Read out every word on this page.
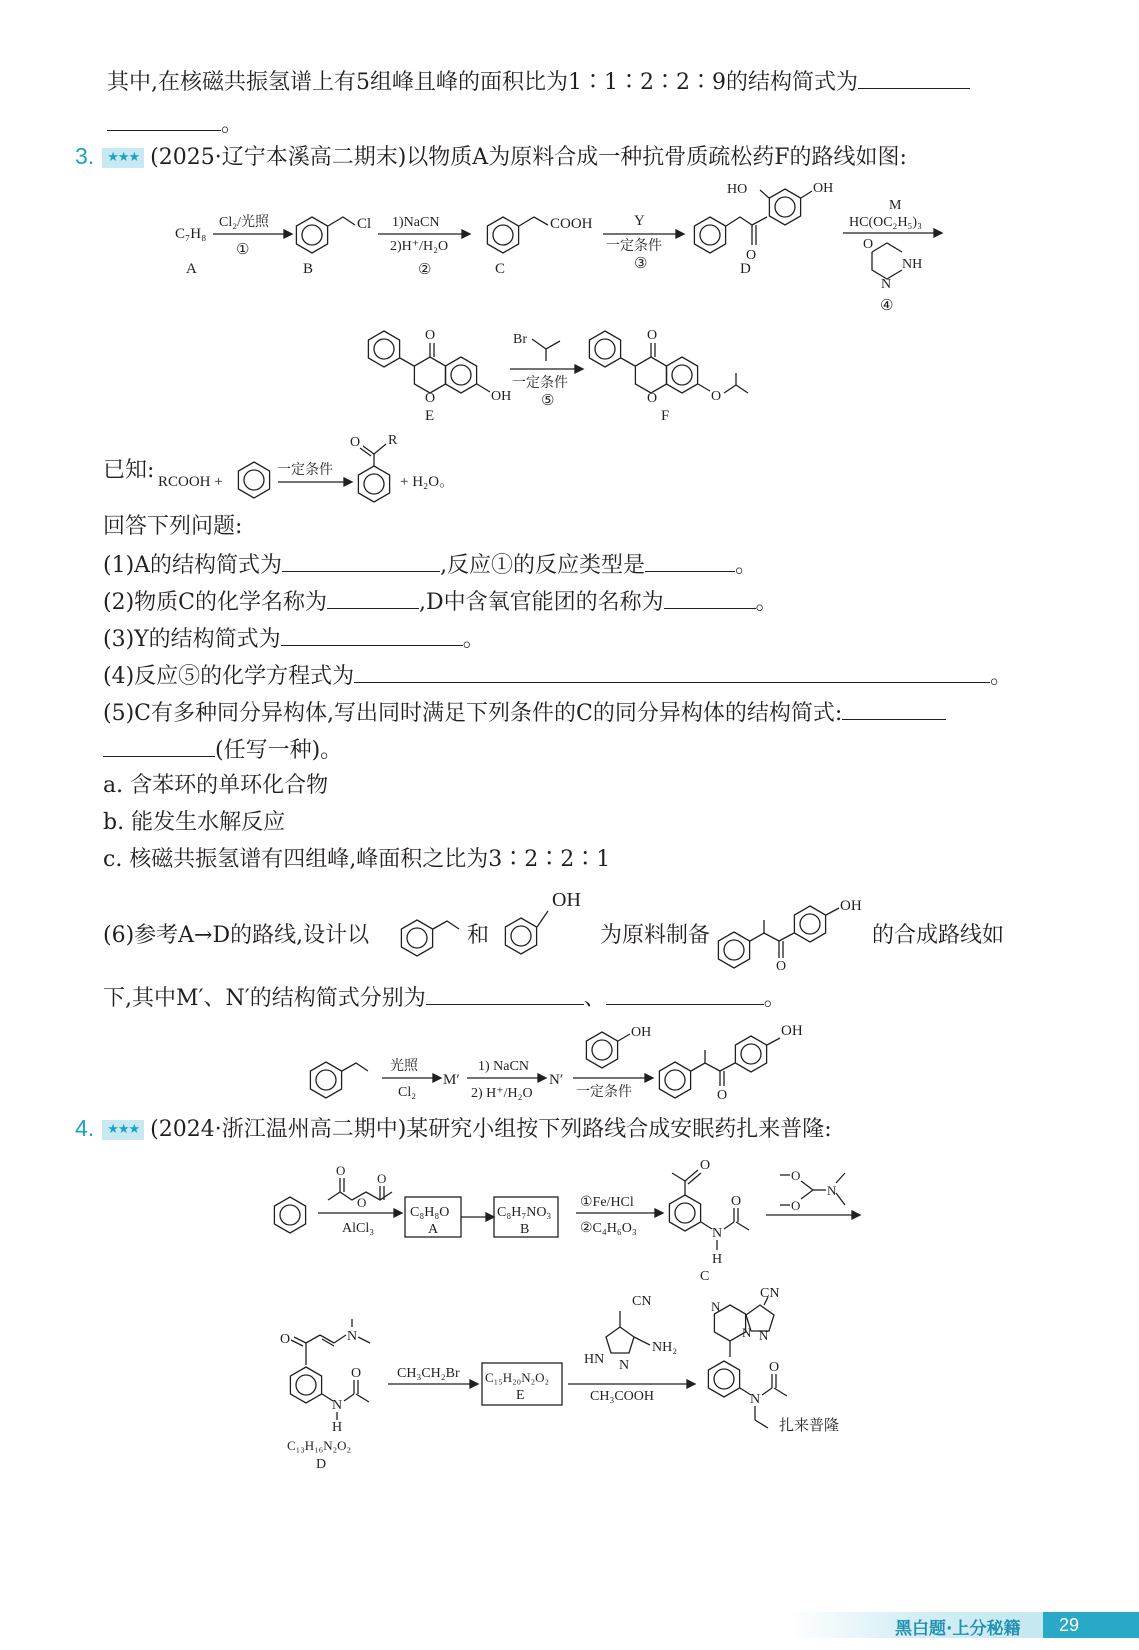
其中,在核磁共振氢谱上有5组峰且峰的面积比为1∶1∶2∶2∶9的结构简式为
。
3. ★★★ (2025·辽宁本溪高二期末)以物质A为原料合成一种抗骨质疏松药F的路线如图:
C₇H₈
A
Cl₂/光照
①
Cl
B
1)NaCN
2)H⁺/H₂O
②
COOH
C
Y
一定条件
③
O
HO	OH
D
M
HC(OC₂H₅)₃
O
NH
N
④
O
O	OH
E
Br
一定条件
⑤
O
O	O
F
已知: RCOOH +
一定条件
O R
+ H₂O。
回答下列问题:
(1)A的结构简式为	,反应①的反应类型是	。
(2)物质C的化学名称为	,D中含氧官能团的名称为	。
(3)Y的结构简式为	。
(4)反应⑤的化学方程式为	。
(5)C有多种同分异构体,写出同时满足下列条件的C的同分异构体的结构简式:
(任写一种)。
a. 含苯环的单环化合物
b. 能发生水解反应
c. 核磁共振氢谱有四组峰,峰面积之比为3∶2∶2∶1
(6)参考A→D的路线,设计以	和
OH
为原料制备
O
OH
的合成路线如
下,其中M′、N′的结构简式分别为	、	。
光照
Cl₂
M′
1) NaCN
2) H⁺/H₂O
N′
OH
一定条件	O
OH
4. ★★★ (2024·浙江温州高二期中)某研究小组按下列路线合成安眠药扎来普隆:
O
O
O
AlCl₃
C₈H₈O
A
C₈H₇NO₃
B
①Fe/HCl
②C₄H₆O₃
O
N
O
H
C
O
O
N
O	N
N
O
H
C₁₃H₁₆N₂O₂
D
CH₃CH₂Br C₁₅H₂₀N₂O₂
E
CN
NH₂
HN N
CH₃COOH
N
CN
N N
N
O
扎来普隆
黑白题·上分秘籍	29
